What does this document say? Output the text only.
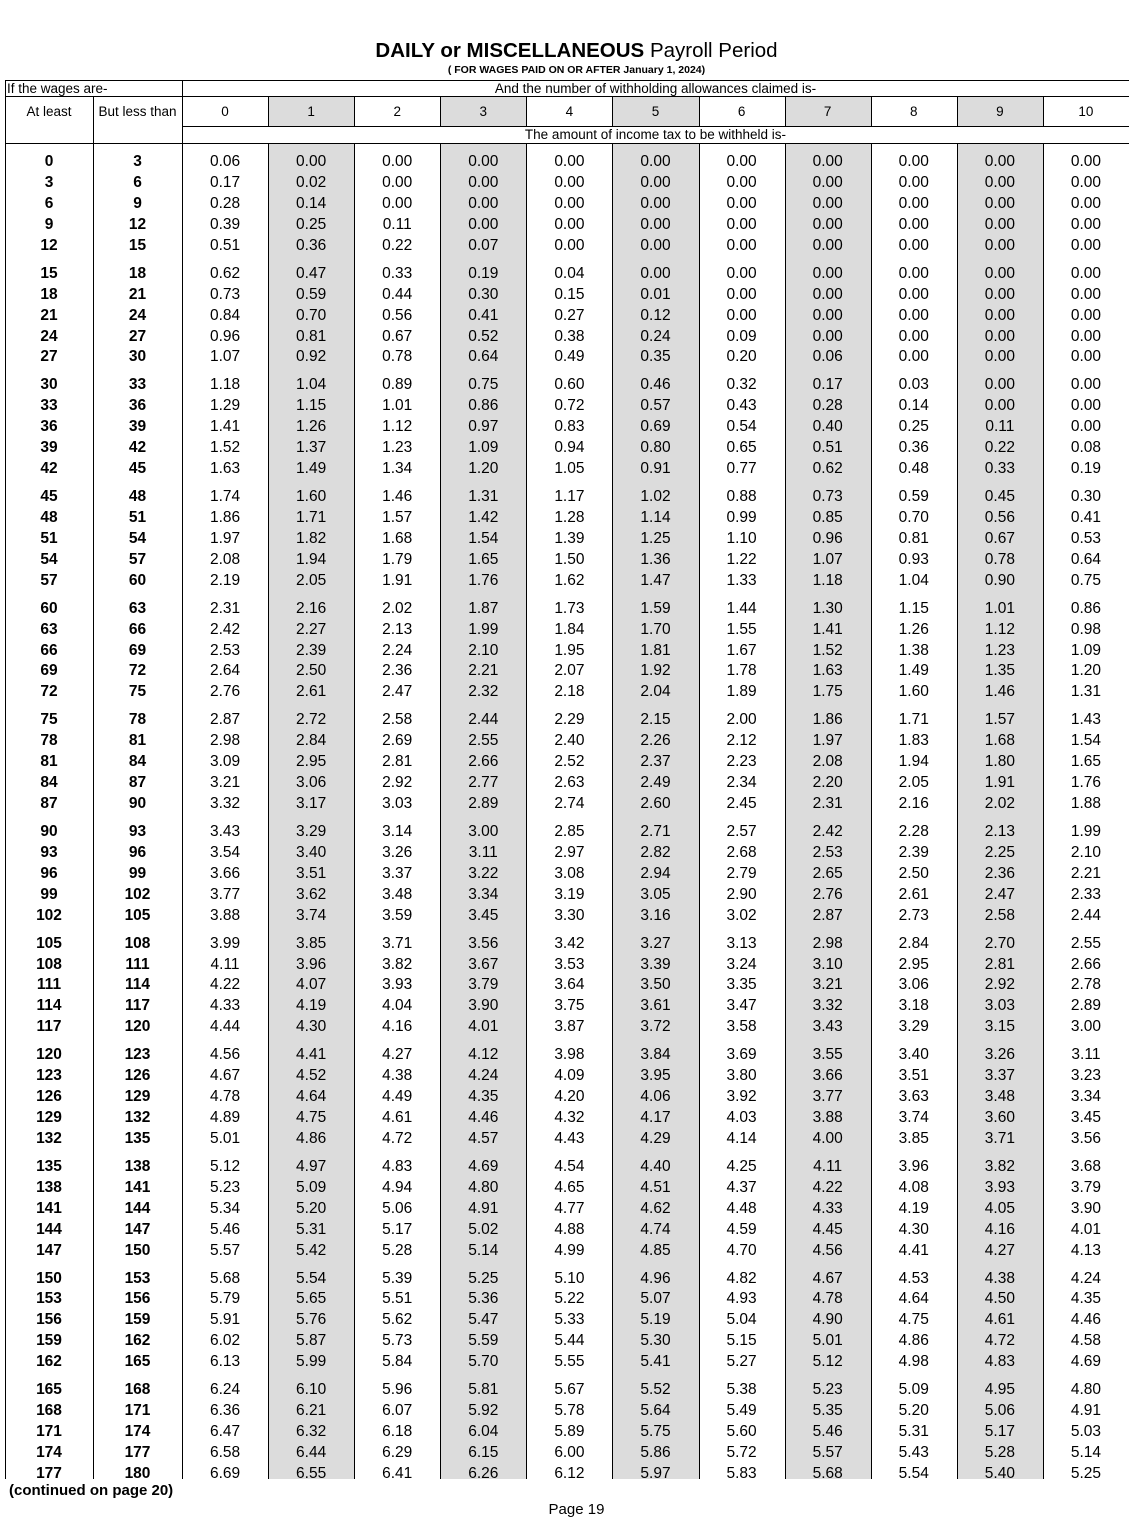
DAILY or MISCELLANEOUS Payroll Period
( FOR WAGES PAID ON OR AFTER January 1, 2024)
If the wages are-	And the number of withholding allowances claimed is-
At least	But less than
The amount of income tax to be withheld is-
0	1	2	3	4	5	6	7	8	9	10
0	3	0.06	0.00	0.00	0.00	0.00	0.00	0.00	0.00	0.00	0.00	0.00
3	6	0.17	0.02	0.00	0.00	0.00	0.00	0.00	0.00	0.00	0.00	0.00
6	9	0.28	0.14	0.00	0.00	0.00	0.00	0.00	0.00	0.00	0.00	0.00
9	12	0.39	0.25	0.11	0.00	0.00	0.00	0.00	0.00	0.00	0.00	0.00
12	15	0.51	0.36	0.22	0.07	0.00	0.00	0.00	0.00	0.00	0.00	0.00
15	18	0.62	0.47	0.33	0.19	0.04	0.00	0.00	0.00	0.00	0.00	0.00
18	21	0.73	0.59	0.44	0.30	0.15	0.01	0.00	0.00	0.00	0.00	0.00
21	24	0.84	0.70	0.56	0.41	0.27	0.12	0.00	0.00	0.00	0.00	0.00
24	27	0.96	0.81	0.67	0.52	0.38	0.24	0.09	0.00	0.00	0.00	0.00
27	30	1.07	0.92	0.78	0.64	0.49	0.35	0.20	0.06	0.00	0.00	0.00
30	33	1.18	1.04	0.89	0.75	0.60	0.46	0.32	0.17	0.03	0.00	0.00
33	36	1.29	1.15	1.01	0.86	0.72	0.57	0.43	0.28	0.14	0.00	0.00
36	39	1.41	1.26	1.12	0.97	0.83	0.69	0.54	0.40	0.25	0.11	0.00
39	42	1.52	1.37	1.23	1.09	0.94	0.80	0.65	0.51	0.36	0.22	0.08
42	45	1.63	1.49	1.34	1.20	1.05	0.91	0.77	0.62	0.48	0.33	0.19
45	48	1.74	1.60	1.46	1.31	1.17	1.02	0.88	0.73	0.59	0.45	0.30
48	51	1.86	1.71	1.57	1.42	1.28	1.14	0.99	0.85	0.70	0.56	0.41
51	54	1.97	1.82	1.68	1.54	1.39	1.25	1.10	0.96	0.81	0.67	0.53
54	57	2.08	1.94	1.79	1.65	1.50	1.36	1.22	1.07	0.93	0.78	0.64
57	60	2.19	2.05	1.91	1.76	1.62	1.47	1.33	1.18	1.04	0.90	0.75
60	63	2.31	2.16	2.02	1.87	1.73	1.59	1.44	1.30	1.15	1.01	0.86
63	66	2.42	2.27	2.13	1.99	1.84	1.70	1.55	1.41	1.26	1.12	0.98
66	69	2.53	2.39	2.24	2.10	1.95	1.81	1.67	1.52	1.38	1.23	1.09
69	72	2.64	2.50	2.36	2.21	2.07	1.92	1.78	1.63	1.49	1.35	1.20
72	75	2.76	2.61	2.47	2.32	2.18	2.04	1.89	1.75	1.60	1.46	1.31
75	78	2.87	2.72	2.58	2.44	2.29	2.15	2.00	1.86	1.71	1.57	1.43
78	81	2.98	2.84	2.69	2.55	2.40	2.26	2.12	1.97	1.83	1.68	1.54
81	84	3.09	2.95	2.81	2.66	2.52	2.37	2.23	2.08	1.94	1.80	1.65
84	87	3.21	3.06	2.92	2.77	2.63	2.49	2.34	2.20	2.05	1.91	1.76
87	90	3.32	3.17	3.03	2.89	2.74	2.60	2.45	2.31	2.16	2.02	1.88
90	93	3.43	3.29	3.14	3.00	2.85	2.71	2.57	2.42	2.28	2.13	1.99
93	96	3.54	3.40	3.26	3.11	2.97	2.82	2.68	2.53	2.39	2.25	2.10
96	99	3.66	3.51	3.37	3.22	3.08	2.94	2.79	2.65	2.50	2.36	2.21
99	102	3.77	3.62	3.48	3.34	3.19	3.05	2.90	2.76	2.61	2.47	2.33
102	105	3.88	3.74	3.59	3.45	3.30	3.16	3.02	2.87	2.73	2.58	2.44
105	108	3.99	3.85	3.71	3.56	3.42	3.27	3.13	2.98	2.84	2.70	2.55
108	111	4.11	3.96	3.82	3.67	3.53	3.39	3.24	3.10	2.95	2.81	2.66
111	114	4.22	4.07	3.93	3.79	3.64	3.50	3.35	3.21	3.06	2.92	2.78
114	117	4.33	4.19	4.04	3.90	3.75	3.61	3.47	3.32	3.18	3.03	2.89
117	120	4.44	4.30	4.16	4.01	3.87	3.72	3.58	3.43	3.29	3.15	3.00
120	123	4.56	4.41	4.27	4.12	3.98	3.84	3.69	3.55	3.40	3.26	3.11
123	126	4.67	4.52	4.38	4.24	4.09	3.95	3.80	3.66	3.51	3.37	3.23
126	129	4.78	4.64	4.49	4.35	4.20	4.06	3.92	3.77	3.63	3.48	3.34
129	132	4.89	4.75	4.61	4.46	4.32	4.17	4.03	3.88	3.74	3.60	3.45
132	135	5.01	4.86	4.72	4.57	4.43	4.29	4.14	4.00	3.85	3.71	3.56
135	138	5.12	4.97	4.83	4.69	4.54	4.40	4.25	4.11	3.96	3.82	3.68
138	141	5.23	5.09	4.94	4.80	4.65	4.51	4.37	4.22	4.08	3.93	3.79
141	144	5.34	5.20	5.06	4.91	4.77	4.62	4.48	4.33	4.19	4.05	3.90
144	147	5.46	5.31	5.17	5.02	4.88	4.74	4.59	4.45	4.30	4.16	4.01
147	150	5.57	5.42	5.28	5.14	4.99	4.85	4.70	4.56	4.41	4.27	4.13
150	153	5.68	5.54	5.39	5.25	5.10	4.96	4.82	4.67	4.53	4.38	4.24
153	156	5.79	5.65	5.51	5.36	5.22	5.07	4.93	4.78	4.64	4.50	4.35
156	159	5.91	5.76	5.62	5.47	5.33	5.19	5.04	4.90	4.75	4.61	4.46
159	162	6.02	5.87	5.73	5.59	5.44	5.30	5.15	5.01	4.86	4.72	4.58
162	165	6.13	5.99	5.84	5.70	5.55	5.41	5.27	5.12	4.98	4.83	4.69
165	168	6.24	6.10	5.96	5.81	5.67	5.52	5.38	5.23	5.09	4.95	4.80
168	171	6.36	6.21	6.07	5.92	5.78	5.64	5.49	5.35	5.20	5.06	4.91
171	174	6.47	6.32	6.18	6.04	5.89	5.75	5.60	5.46	5.31	5.17	5.03
174	177	6.58	6.44	6.29	6.15	6.00	5.86	5.72	5.57	5.43	5.28	5.14
177	180	6.69	6.55	6.41	6.26	6.12	5.97	5.83	5.68	5.54	5.40	5.25
(continued on page 20)
Page 19
